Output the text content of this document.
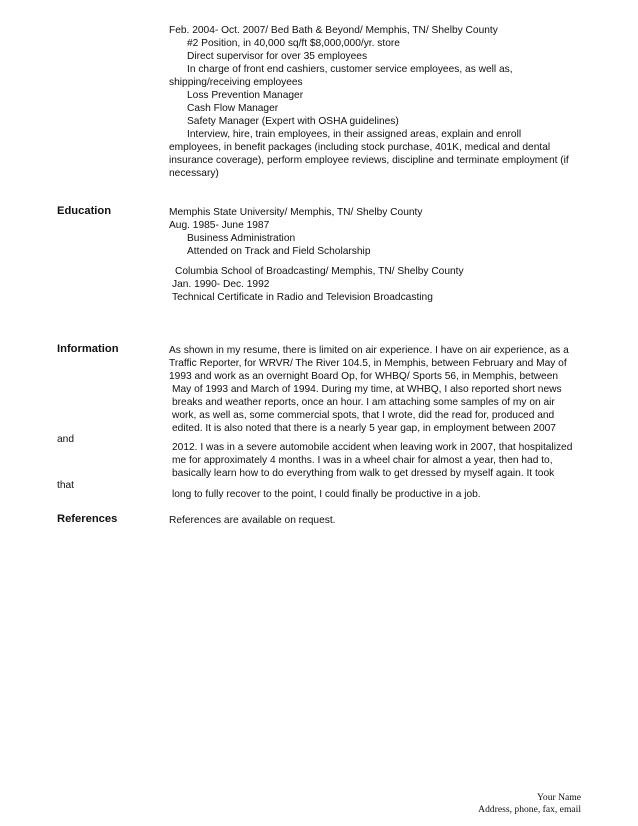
Feb. 2004- Oct. 2007/ Bed Bath & Beyond/ Memphis, TN/ Shelby County
#2 Position, in 40,000 sq/ft $8,000,000/yr. store
Direct supervisor for over 35 employees
In charge of front end cashiers, customer service employees, as well as,
shipping/receiving employees
Loss Prevention Manager
Cash Flow Manager
Safety Manager (Expert with OSHA guidelines)
Interview, hire, train employees, in their assigned areas, explain and enroll
employees, in benefit packages (including stock purchase, 401K, medical and dental
insurance coverage), perform employee reviews, discipline and terminate employment (if
necessary)
Education	Memphis State University/ Memphis, TN/ Shelby County
Aug. 1985- June 1987
Business Administration
Attended on Track and Field Scholarship
Columbia School of Broadcasting/ Memphis, TN/ Shelby County
Jan. 1990- Dec. 1992
Technical Certificate in Radio and Television Broadcasting
Information	As shown in my resume, there is limited on air experience. I have on air experience, as a
Traffic Reporter, for WRVR/ The River 104.5, in Memphis, between February and May of
1993 and work as an overnight Board Op, for WHBQ/ Sports 56, in Memphis, between
May of 1993 and March of 1994. During my time, at WHBQ, I also reported short news
breaks and weather reports, once an hour. I am attaching some samples of my on air
work, as well as, some commercial spots, that I wrote, did the read for, produced and
edited. It is also noted that there is a nearly 5 year gap, in employment between 2007
and
2012. I was in a severe automobile accident when leaving work in 2007, that hospitalized
me for approximately 4 months. I was in a wheel chair for almost a year, then had to,
basically learn how to do everything from walk to get dressed by myself again. It took
that
long to fully recover to the point, I could finally be productive in a job.
References	References are available on request.
Your Name
Address, phone, fax, email
